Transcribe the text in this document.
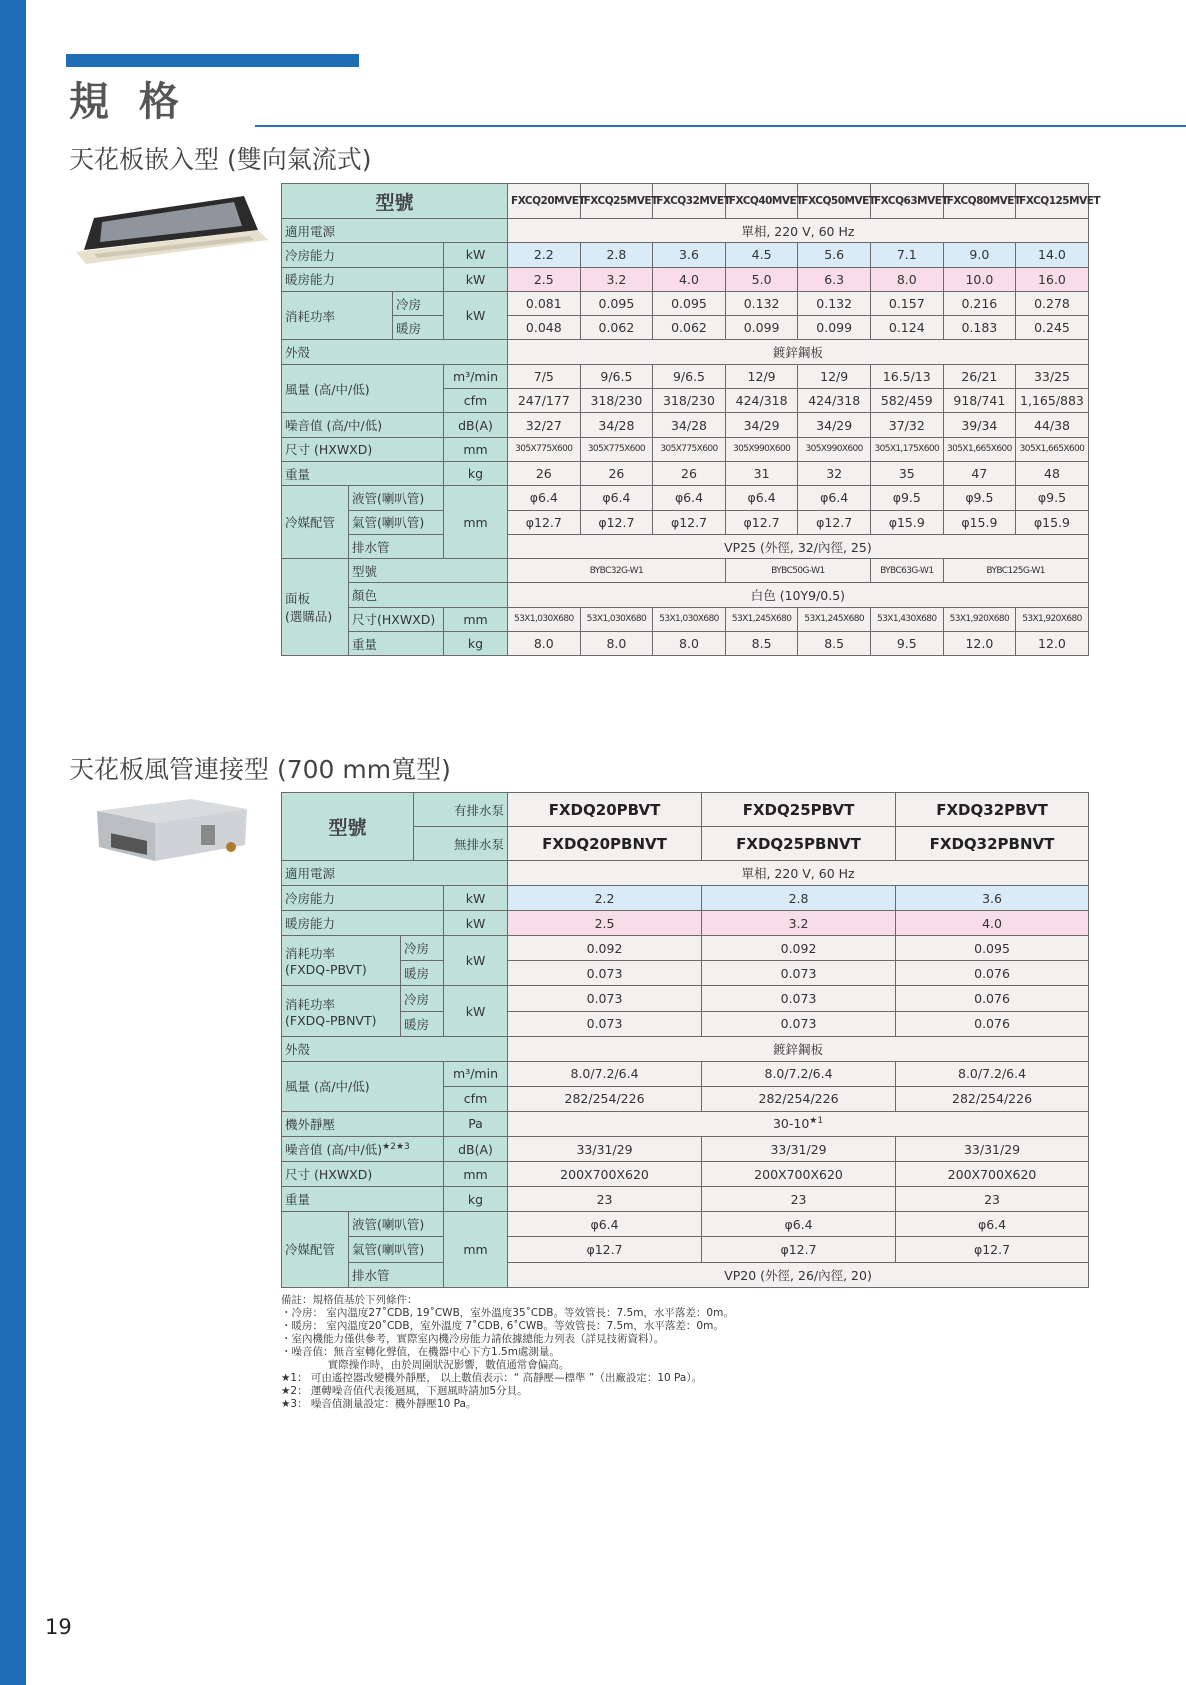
規 格
天花板嵌入型 (雙向氣流式)
型號				FXCQ20MVET	FXCQ25MVET	FXCQ32MVET	FXCQ40MVET	FXCQ50MVET	FXCQ63MVET	FXCQ80MVET	FXCQ125MVET
適用電源				單相, 220 V, 60 Hz							
冷房能力			kW	2.2	2.8	3.6	4.5	5.6	7.1	9.0	14.0
暖房能力			kW	2.5	3.2	4.0	5.0	6.3	8.0	10.0	16.0
消耗功率		冷房	kW	0.081	0.095	0.095	0.132	0.132	0.157	0.216	0.278
		暖房		0.048	0.062	0.062	0.099	0.099	0.124	0.183	0.245
外殼				鍍鋅鋼板							
風量 (高/中/低)			m³/min	7/5	9/6.5	9/6.5	12/9	12/9	16.5/13	26/21	33/25
			cfm	247/177	318/230	318/230	424/318	424/318	582/459	918/741	1,165/883
噪音值 (高/中/低)			dB(A)	32/27	34/28	34/28	34/29	34/29	37/32	39/34	44/38
尺寸 (HXWXD)			mm	305X775X600	305X775X600	305X775X600	305X990X600	305X990X600	305X1,175X600	305X1,665X600	305X1,665X600
重量			kg	26	26	26	31	32	35	47	48
冷媒配管	液管(喇叭管)		mm	φ6.4	φ6.4	φ6.4	φ6.4	φ6.4	φ9.5	φ9.5	φ9.5
	氣管(喇叭管)			φ12.7	φ12.7	φ12.7	φ12.7	φ12.7	φ15.9	φ15.9	φ15.9
	排水管			VP25 (外徑, 32/內徑, 25)							
面板
(選購品)	型號			BYBC32G-W1			BYBC50G-W1		BYBC63G-W1	BYBC125G-W1	
	顏色			白色 (10Y9/0.5)							
	尺寸(HXWXD)		mm	53X1,030X680	53X1,030X680	53X1,030X680	53X1,245X680	53X1,245X680	53X1,430X680	53X1,920X680	53X1,920X680
	重量		kg	8.0	8.0	8.0	8.5	8.5	9.5	12.0	12.0
天花板風管連接型 (700 mm寬型)
型號			有排水泵		FXDQ20PBVT	FXDQ25PBVT	FXDQ32PBVT
			無排水泵		FXDQ20PBNVT	FXDQ25PBNVT	FXDQ32PBNVT
適用電源					單相, 220 V, 60 Hz		
冷房能力				kW	2.2	2.8	3.6
暖房能力				kW	2.5	3.2	4.0
消耗功率
(FXDQ-PBVT)		冷房		kW	0.092	0.092	0.095
		暖房			0.073	0.073	0.076
消耗功率
(FXDQ-PBNVT)		冷房		kW	0.073	0.073	0.076
		暖房			0.073	0.073	0.076
外殼					鍍鋅鋼板		
風量 (高/中/低)				m³/min	8.0/7.2/6.4	8.0/7.2/6.4	8.0/7.2/6.4
				cfm	282/254/226	282/254/226	282/254/226
機外靜壓				Pa	$30-10^{★1}$
噪音值 (高/中/低)$^{★2★3}$				dB(A)	33/31/29	33/31/29	33/31/29
尺寸 (HXWXD)				mm	200X700X620	200X700X620	200X700X620
重量				kg	23	23	23
冷媒配管	液管(喇叭管)			mm	φ6.4	φ6.4	φ6.4
	氣管(喇叭管)				φ12.7	φ12.7	φ12.7
	排水管				VP20 (外徑, 26/內徑, 20)		
備註：規格值基於下列條件：
・冷房： 室內溫度27˚CDB, 19˚CWB，室外溫度35˚CDB。等效管長：7.5m，水平落差：0m。
・暖房： 室內溫度20˚CDB，室外溫度 7˚CDB, 6˚CWB。等效管長：7.5m，水平落差：0m。
・室內機能力僅供參考，實際室內機冷房能力請依據總能力列表（詳見技術資料）。
・噪音值：無音室轉化聲值，在機器中心下方1.5m處測量。
實際操作時，由於周圍狀況影響，數值通常會偏高。
★1： 可由遙控器改變機外靜壓， 以上數值表示：“ 高靜壓—標準 ”（出廠設定：10 Pa）。
★2： 運轉噪音值代表後迴風，下迴風時請加5分貝。
★3： 噪音值測量設定：機外靜壓10 Pa。
19
